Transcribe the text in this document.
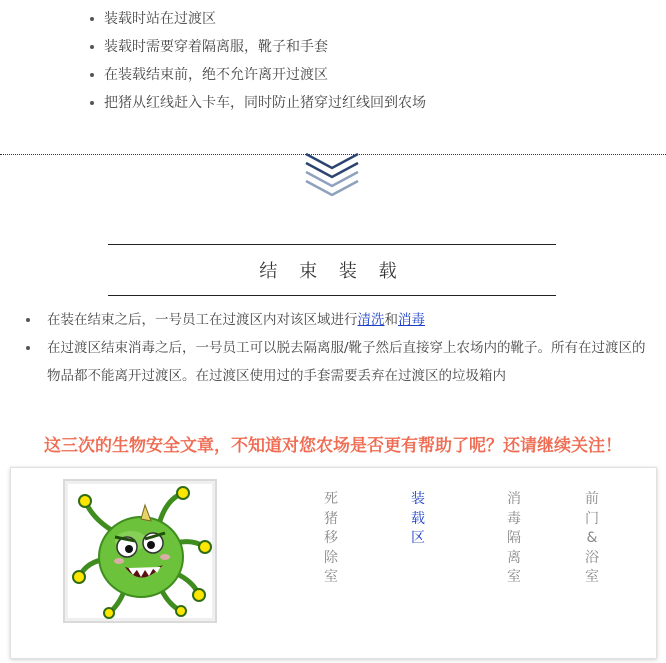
装载时站在过渡区
装载时需要穿着隔离服，靴子和手套
在装载结束前，绝不允许离开过渡区
把猪从红线赶入卡车，同时防止猪穿过红线回到农场
结 束 装 载
在装在结束之后，一号员工在过渡区内对该区域进行清洗和消毒
在过渡区结束消毒之后，一号员工可以脱去隔离服/靴子然后直接穿上农场内的靴子。所有在过渡区的物品都不能离开过渡区。在过渡区使用过的手套需要丢弃在过渡区的垃圾箱内
这三次的生物安全文章，不知道对您农场是否更有帮助了呢？还请继续关注！
死
猪
移
除
室
装
载
区
消
毒
隔
离
室
前
门
&
浴
室
